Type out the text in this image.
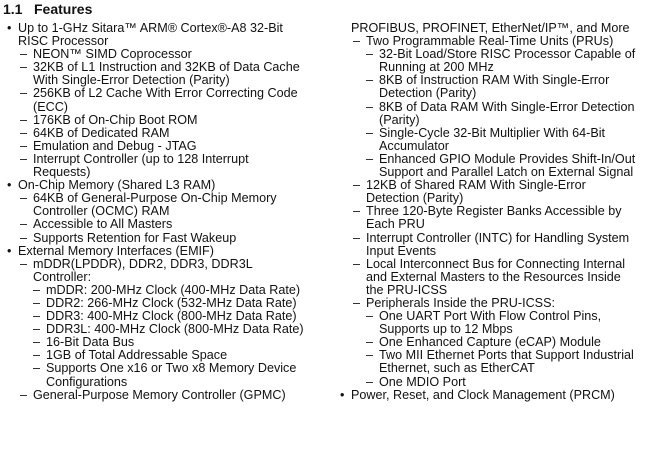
1.1 Features
• Up to 1-GHz Sitara™ ARM® Cortex®-A8 32-Bit RISC Processor
– NEON™ SIMD Coprocessor
– 32KB of L1 Instruction and 32KB of Data Cache With Single-Error Detection (Parity)
– 256KB of L2 Cache With Error Correcting Code (ECC)
– 176KB of On-Chip Boot ROM
– 64KB of Dedicated RAM
– Emulation and Debug - JTAG
– Interrupt Controller (up to 128 Interrupt Requests)
• On-Chip Memory (Shared L3 RAM)
– 64KB of General-Purpose On-Chip Memory Controller (OCMC) RAM
– Accessible to All Masters
– Supports Retention for Fast Wakeup
• External Memory Interfaces (EMIF)
– mDDR(LPDDR), DDR2, DDR3, DDR3L Controller:
– mDDR: 200-MHz Clock (400-MHz Data Rate)
– DDR2: 266-MHz Clock (532-MHz Data Rate)
– DDR3: 400-MHz Clock (800-MHz Data Rate)
– DDR3L: 400-MHz Clock (800-MHz Data Rate)
– 16-Bit Data Bus
– 1GB of Total Addressable Space
– Supports One x16 or Two x8 Memory Device Configurations
– General-Purpose Memory Controller (GPMC)
PROFIBUS, PROFINET, EtherNet/IP™, and More
– Two Programmable Real-Time Units (PRUs)
– 32-Bit Load/Store RISC Processor Capable of Running at 200 MHz
– 8KB of Instruction RAM With Single-Error Detection (Parity)
– 8KB of Data RAM With Single-Error Detection (Parity)
– Single-Cycle 32-Bit Multiplier With 64-Bit Accumulator
– Enhanced GPIO Module Provides Shift-In/Out Support and Parallel Latch on External Signal
– 12KB of Shared RAM With Single-Error Detection (Parity)
– Three 120-Byte Register Banks Accessible by Each PRU
– Interrupt Controller (INTC) for Handling System Input Events
– Local Interconnect Bus for Connecting Internal and External Masters to the Resources Inside the PRU-ICSS
– Peripherals Inside the PRU-ICSS:
– One UART Port With Flow Control Pins, Supports up to 12 Mbps
– One Enhanced Capture (eCAP) Module
– Two MII Ethernet Ports that Support Industrial Ethernet, such as EtherCAT
– One MDIO Port
• Power, Reset, and Clock Management (PRCM)
